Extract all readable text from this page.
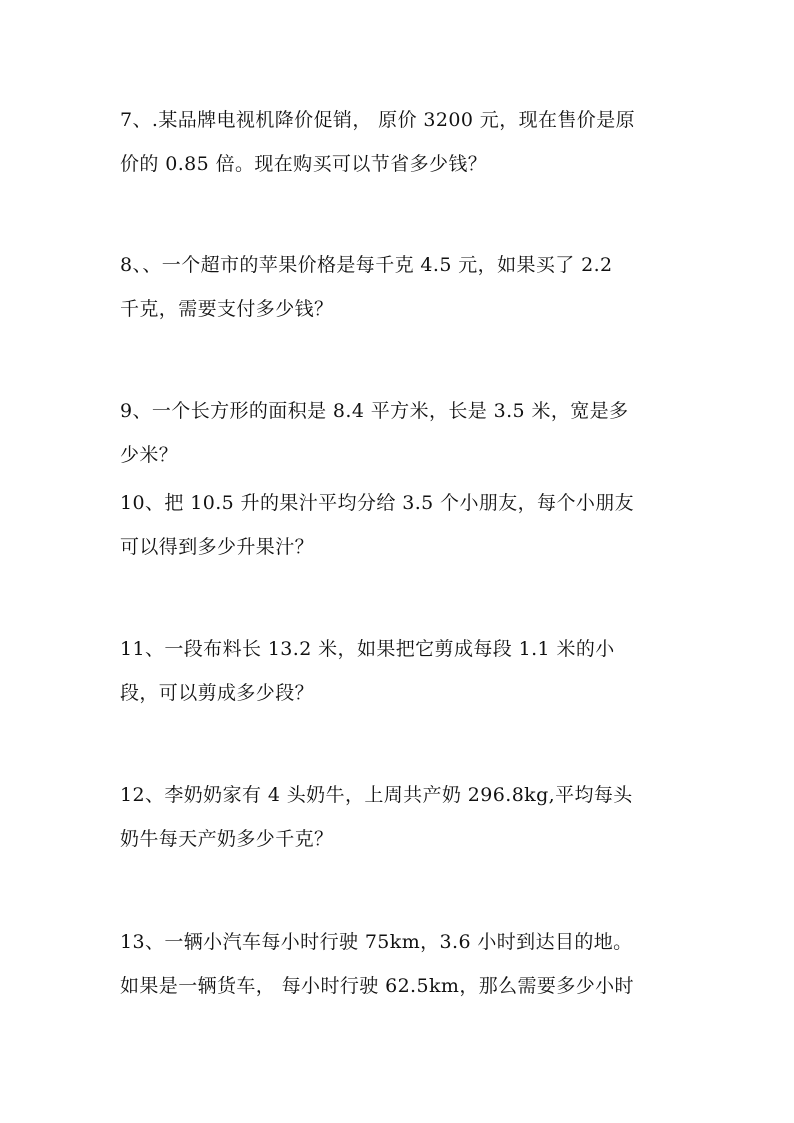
7、.某品牌电视机降价促销， 原价 3200 元，现在售价是原
价的 0.85 倍。现在购买可以节省多少钱？
8、、一个超市的苹果价格是每千克 4.5 元，如果买了 2.2
千克，需要支付多少钱？
9、一个长方形的面积是 8.4 平方米，长是 3.5 米，宽是多
少米？
10、把 10.5 升的果汁平均分给 3.5 个小朋友，每个小朋友
可以得到多少升果汁？
11、一段布料长 13.2 米，如果把它剪成每段 1.1 米的小
段，可以剪成多少段？
12、李奶奶家有 4 头奶牛，上周共产奶 296.8kg,平均每头
奶牛每天产奶多少千克？
13、一辆小汽车每小时行驶 75km，3.6 小时到达目的地。
如果是一辆货车， 每小时行驶 62.5km，那么需要多少小时
